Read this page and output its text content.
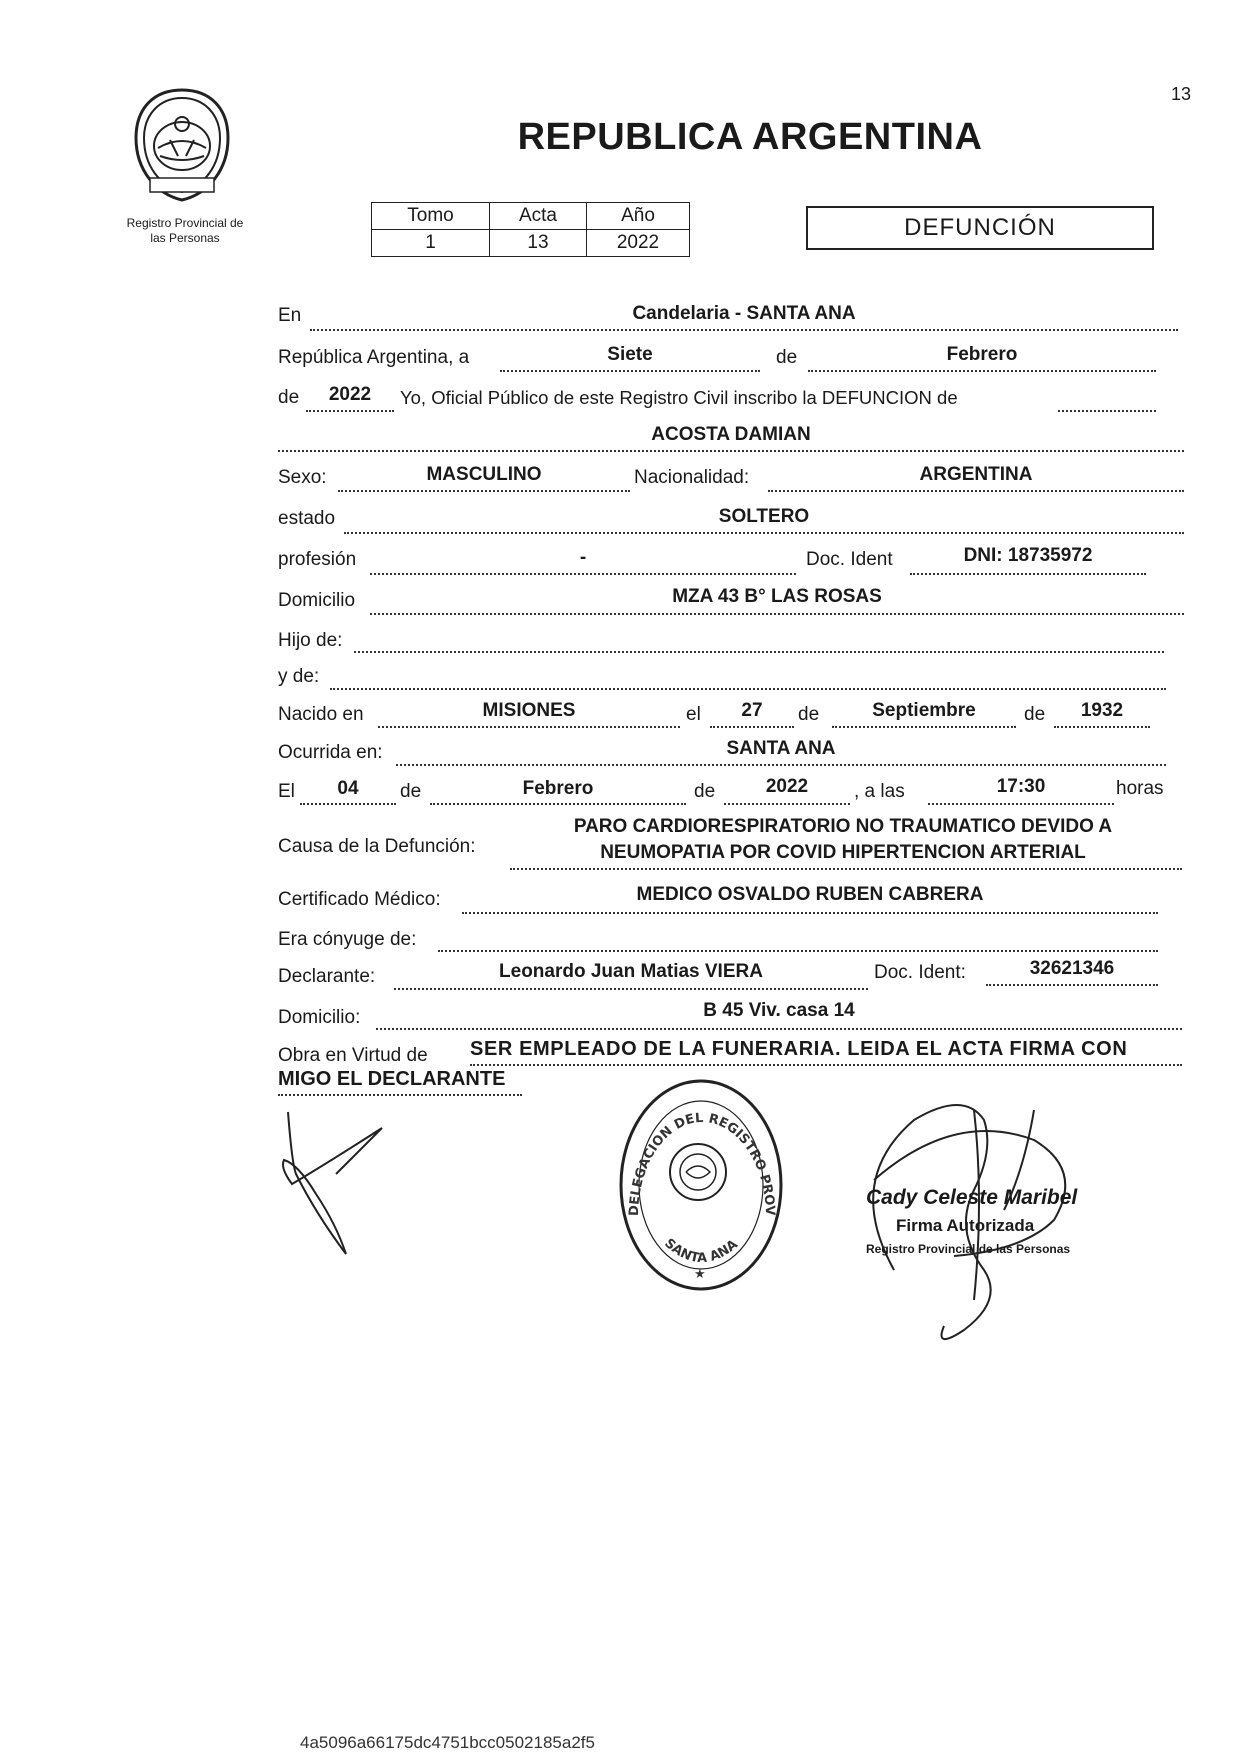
13
Registro Provincial de
las Personas
REPUBLICA ARGENTINA
Tomo	Acta	Año
1	13	2022
DEFUNCIÓN
En	Candelaria - SANTA ANA
República Argentina, a	Siete	de	Febrero
de	2022	Yo, Oficial Público de este Registro Civil inscribo la DEFUNCION de
ACOSTA DAMIAN
Sexo:	MASCULINO	Nacionalidad:	ARGENTINA
estado	SOLTERO
profesión	-	Doc. Ident	DNI: 18735972
Domicilio	MZA 43 B° LAS ROSAS
Hijo de:
y de:
Nacido en	MISIONES	el	27	de	Septiembre	de	1932
Ocurrida en:	SANTA ANA
El	04	de	Febrero	de	2022	, a las	17:30	horas
Causa de la Defunción:
PARO CARDIORESPIRATORIO NO TRAUMATICO DEVIDO A
NEUMOPATIA POR COVID HIPERTENCION ARTERIAL
Certificado Médico:	MEDICO OSVALDO RUBEN CABRERA
Era cónyuge de:
Declarante:	Leonardo Juan Matias VIERA	Doc. Ident:	32621346
Domicilio:	B 45 Viv. casa 14
Obra en Virtud de SER EMPLEADO DE LA FUNERARIA. LEIDA EL ACTA FIRMA CON
MIGO EL DECLARANTE
DELEGACION DEL REGISTRO PROV
SANTA ANA
★
Cady Celeste Maribel
Firma Autorizada
Registro Provincial de las Personas
4a5096a66175dc4751bcc0502185a2f5
